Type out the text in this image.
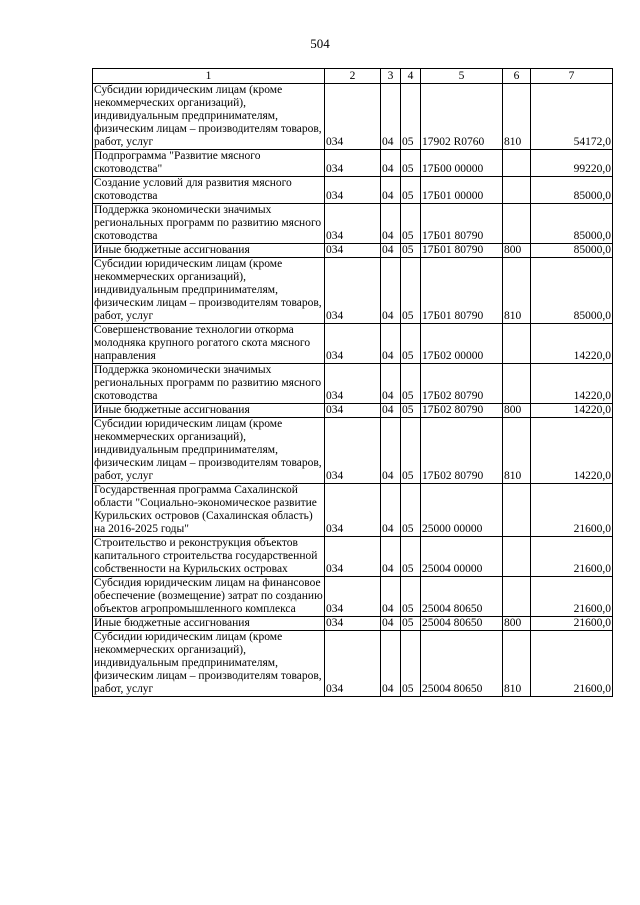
504
1	2	3	4	5	6	7
Субсидии юридическим лицам (кроме некоммерческих организаций), индивидуальным предпринимателям, физическим лицам – производителям товаров, работ, услуг	034	04	05	17902 R0760	810	54172,0
Подпрограмма "Развитие мясного скотоводства"	034	04	05	17Б00 00000		99220,0
Создание условий для развития мясного скотоводства	034	04	05	17Б01 00000		85000,0
Поддержка экономически значимых региональных программ по развитию мясного скотоводства	034	04	05	17Б01 80790		85000,0
Иные бюджетные ассигнования	034	04	05	17Б01 80790	800	85000,0
Субсидии юридическим лицам (кроме некоммерческих организаций), индивидуальным предпринимателям, физическим лицам – производителям товаров, работ, услуг	034	04	05	17Б01 80790	810	85000,0
Совершенствование технологии откорма молодняка крупного рогатого скота мясного направления	034	04	05	17Б02 00000		14220,0
Поддержка экономически значимых региональных программ по развитию мясного скотоводства	034	04	05	17Б02 80790		14220,0
Иные бюджетные ассигнования	034	04	05	17Б02 80790	800	14220,0
Субсидии юридическим лицам (кроме некоммерческих организаций), индивидуальным предпринимателям, физическим лицам – производителям товаров, работ, услуг	034	04	05	17Б02 80790	810	14220,0
Государственная программа Сахалинской области "Социально-экономическое развитие Курильских островов (Сахалинская область) на 2016-2025 годы"	034	04	05	25000 00000		21600,0
Строительство и реконструкция объектов капитального строительства государственной собственности на Курильских островах	034	04	05	25004 00000		21600,0
Субсидия юридическим лицам на финансовое обеспечение (возмещение) затрат по созданию объектов агропромышленного комплекса	034	04	05	25004 80650		21600,0
Иные бюджетные ассигнования	034	04	05	25004 80650	800	21600,0
Субсидии юридическим лицам (кроме некоммерческих организаций), индивидуальным предпринимателям, физическим лицам – производителям товаров, работ, услуг	034	04	05	25004 80650	810	21600,0
